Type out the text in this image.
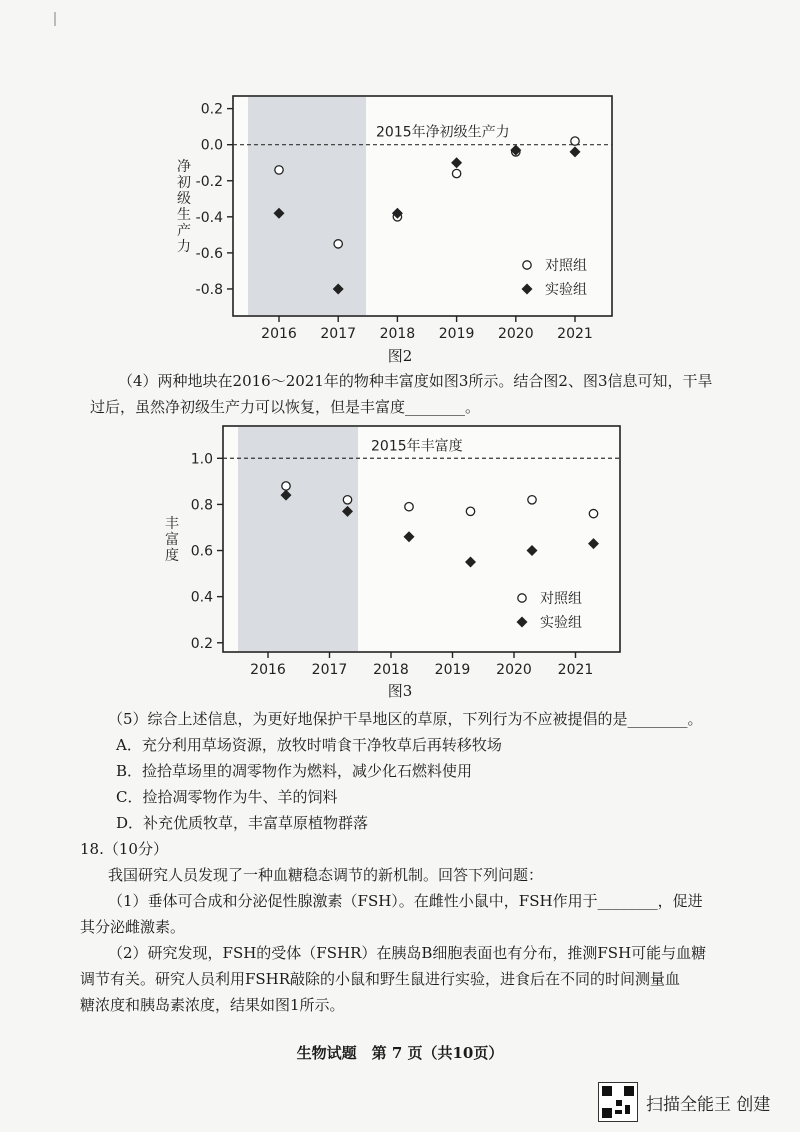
0.2
0.0
-0.2
-0.4
-0.6
-0.8
2016 2017 2018 2019 2020 2021
2015年净初级生产力
净初级生产力
对照组
实验组
图2
（4）两种地块在2016～2021年的物种丰富度如图3所示。结合图2、图3信息可知，干旱
过后，虽然净初级生产力可以恢复，但是丰富度________。
1.0
0.8
0.6
0.4
0.2
2016 2017 2018 2019 2020 2021
2015年丰富度
丰富度
对照组
实验组
图3
（5）综合上述信息，为更好地保护干旱地区的草原，下列行为不应被提倡的是________。
A．充分利用草场资源，放牧时啃食干净牧草后再转移牧场
B．捡拾草场里的凋零物作为燃料，减少化石燃料使用
C．捡拾凋零物作为牛、羊的饲料
D．补充优质牧草，丰富草原植物群落
18.（10分）
我国研究人员发现了一种血糖稳态调节的新机制。回答下列问题：
（1）垂体可合成和分泌促性腺激素（FSH）。在雌性小鼠中，FSH作用于________，促进
其分泌雌激素。
（2）研究发现，FSH的受体（FSHR）在胰岛B细胞表面也有分布，推测FSH可能与血糖
调节有关。研究人员利用FSHR敲除的小鼠和野生鼠进行实验，进食后在不同的时间测量血
糖浓度和胰岛素浓度，结果如图1所示。
生物试题　第 7 页（共10页）
扫描全能王 创建
